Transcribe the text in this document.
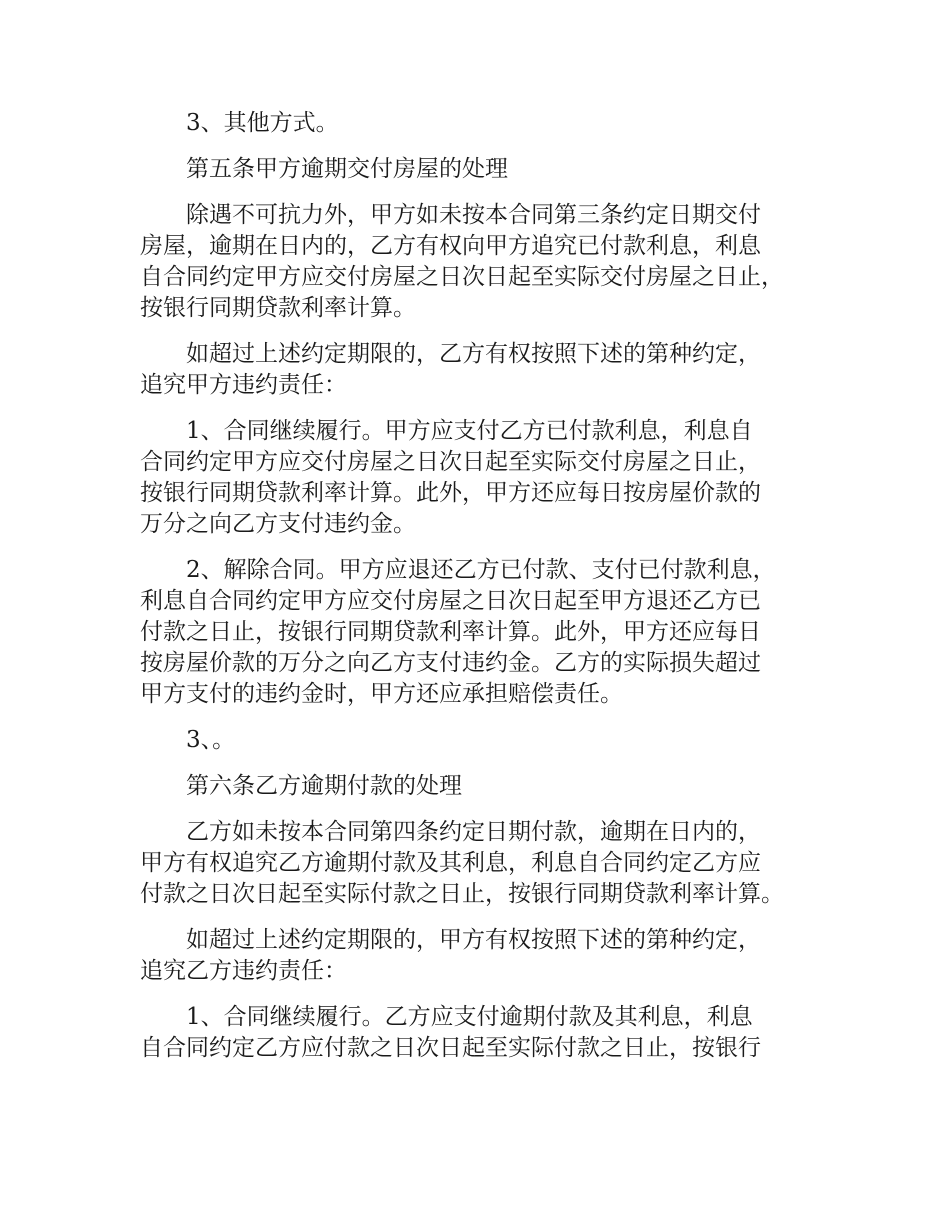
3、其他方式。
第五条甲方逾期交付房屋的处理
除遇不可抗力外，甲方如未按本合同第三条约定日期交付
房屋，逾期在日内的，乙方有权向甲方追究已付款利息，利息
自合同约定甲方应交付房屋之日次日起至实际交付房屋之日止，
按银行同期贷款利率计算。
如超过上述约定期限的，乙方有权按照下述的第种约定，
追究甲方违约责任：
1、合同继续履行。甲方应支付乙方已付款利息，利息自
合同约定甲方应交付房屋之日次日起至实际交付房屋之日止，
按银行同期贷款利率计算。此外，甲方还应每日按房屋价款的
万分之向乙方支付违约金。
2、解除合同。甲方应退还乙方已付款、支付已付款利息，
利息自合同约定甲方应交付房屋之日次日起至甲方退还乙方已
付款之日止，按银行同期贷款利率计算。此外，甲方还应每日
按房屋价款的万分之向乙方支付违约金。乙方的实际损失超过
甲方支付的违约金时，甲方还应承担赔偿责任。
3、。
第六条乙方逾期付款的处理
乙方如未按本合同第四条约定日期付款，逾期在日内的，
甲方有权追究乙方逾期付款及其利息，利息自合同约定乙方应
付款之日次日起至实际付款之日止，按银行同期贷款利率计算。
如超过上述约定期限的，甲方有权按照下述的第种约定，
追究乙方违约责任：
1、合同继续履行。乙方应支付逾期付款及其利息，利息
自合同约定乙方应付款之日次日起至实际付款之日止，按银行
